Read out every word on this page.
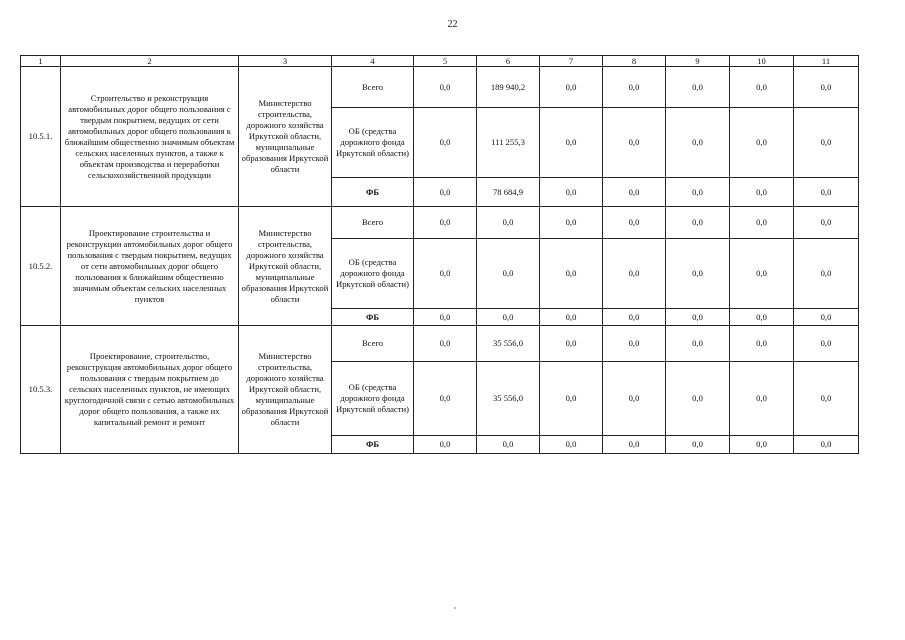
22
1	2	3	4	5	6	7	8	9	10	11
10.5.1.	Строительство и реконструкция автомобильных дорог общего пользования с твердым покрытием, ведущих от сети автомобильных дорог общего пользования к ближайшим общественно значимым объектам сельских населенных пунктов, а также к объектам производства и переработки сельскохозяйственной продукции	Министерство строительства, дорожного хозяйства Иркутской области, муниципальные образования Иркутской области	Всего	0,0	189 940,2	0,0	0,0	0,0	0,0	0,0
			ОБ (средства дорожного фонда Иркутской области)	0,0	111 255,3	0,0	0,0	0,0	0,0	0,0
			ФБ	0,0	78 684,9	0,0	0,0	0,0	0,0	0,0
10.5.2.	Проектирование строительства и реконструкции автомобильных дорог общего пользования с твердым покрытием, ведущих от сети автомобильных дорог общего пользования к ближайшим общественно значимым объектам сельских населенных пунктов	Министерство строительства, дорожного хозяйства Иркутской области, муниципальные образования Иркутской области	Всего	0,0	0,0	0,0	0,0	0,0	0,0	0,0
			ОБ (средства дорожного фонда Иркутской области)	0,0	0,0	0,0	0,0	0,0	0,0	0,0
			ФБ	0,0	0,0	0,0	0,0	0,0	0,0	0,0
10.5.3.	Проектирование, строительство, реконструкция автомобильных дорог общего пользования с твердым покрытием до сельских населенных пунктов, не имеющих круглогодичной связи с сетью автомобильных дорог общего пользования, а также их капитальный ремонт и ремонт	Министерство строительства, дорожного хозяйства Иркутской области, муниципальные образования Иркутской области	Всего	0,0	35 556,0	0,0	0,0	0,0	0,0	0,0
			ОБ (средства дорожного фонда Иркутской области)	0,0	35 556,0	0,0	0,0	0,0	0,0	0,0
			ФБ	0,0	0,0	0,0	0,0	0,0	0,0	0,0
